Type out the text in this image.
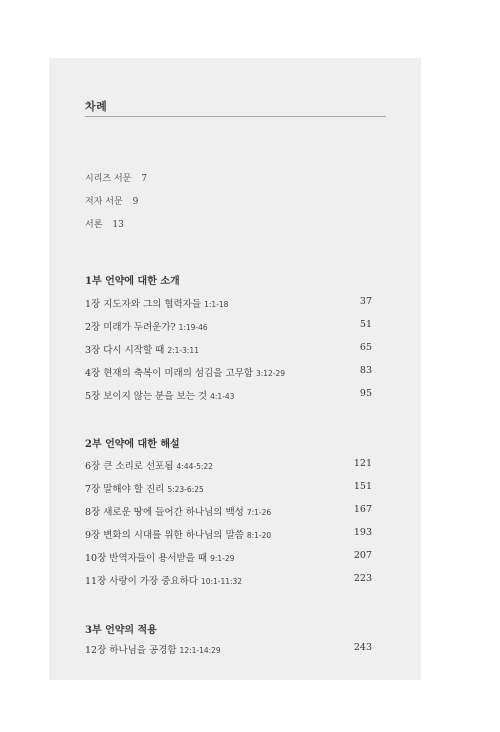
차례
시리즈 서문 7
저자 서문 9
서론 13
1부 언약에 대한 소개
1장 지도자와 그의 협력자들 1:1-18	37
2장 미래가 두려운가? 1:19-46	51
3장 다시 시작할 때 2:1-3:11	65
4장 현재의 축복이 미래의 섬김을 고무함 3:12-29	83
5장 보이지 않는 분을 보는 것 4:1-43	95
2부 언약에 대한 해설
6장 큰 소리로 선포됨 4:44-5:22	121
7장 말해야 할 진리 5:23-6:25	151
8장 새로운 땅에 들어간 하나님의 백성 7:1-26	167
9장 변화의 시대를 위한 하나님의 말씀 8:1-20	193
10장 반역자들이 용서받을 때 9:1-29	207
11장 사랑이 가장 중요하다 10:1-11:32	223
3부 언약의 적용
12장 하나님을 공경함 12:1-14:29	243
